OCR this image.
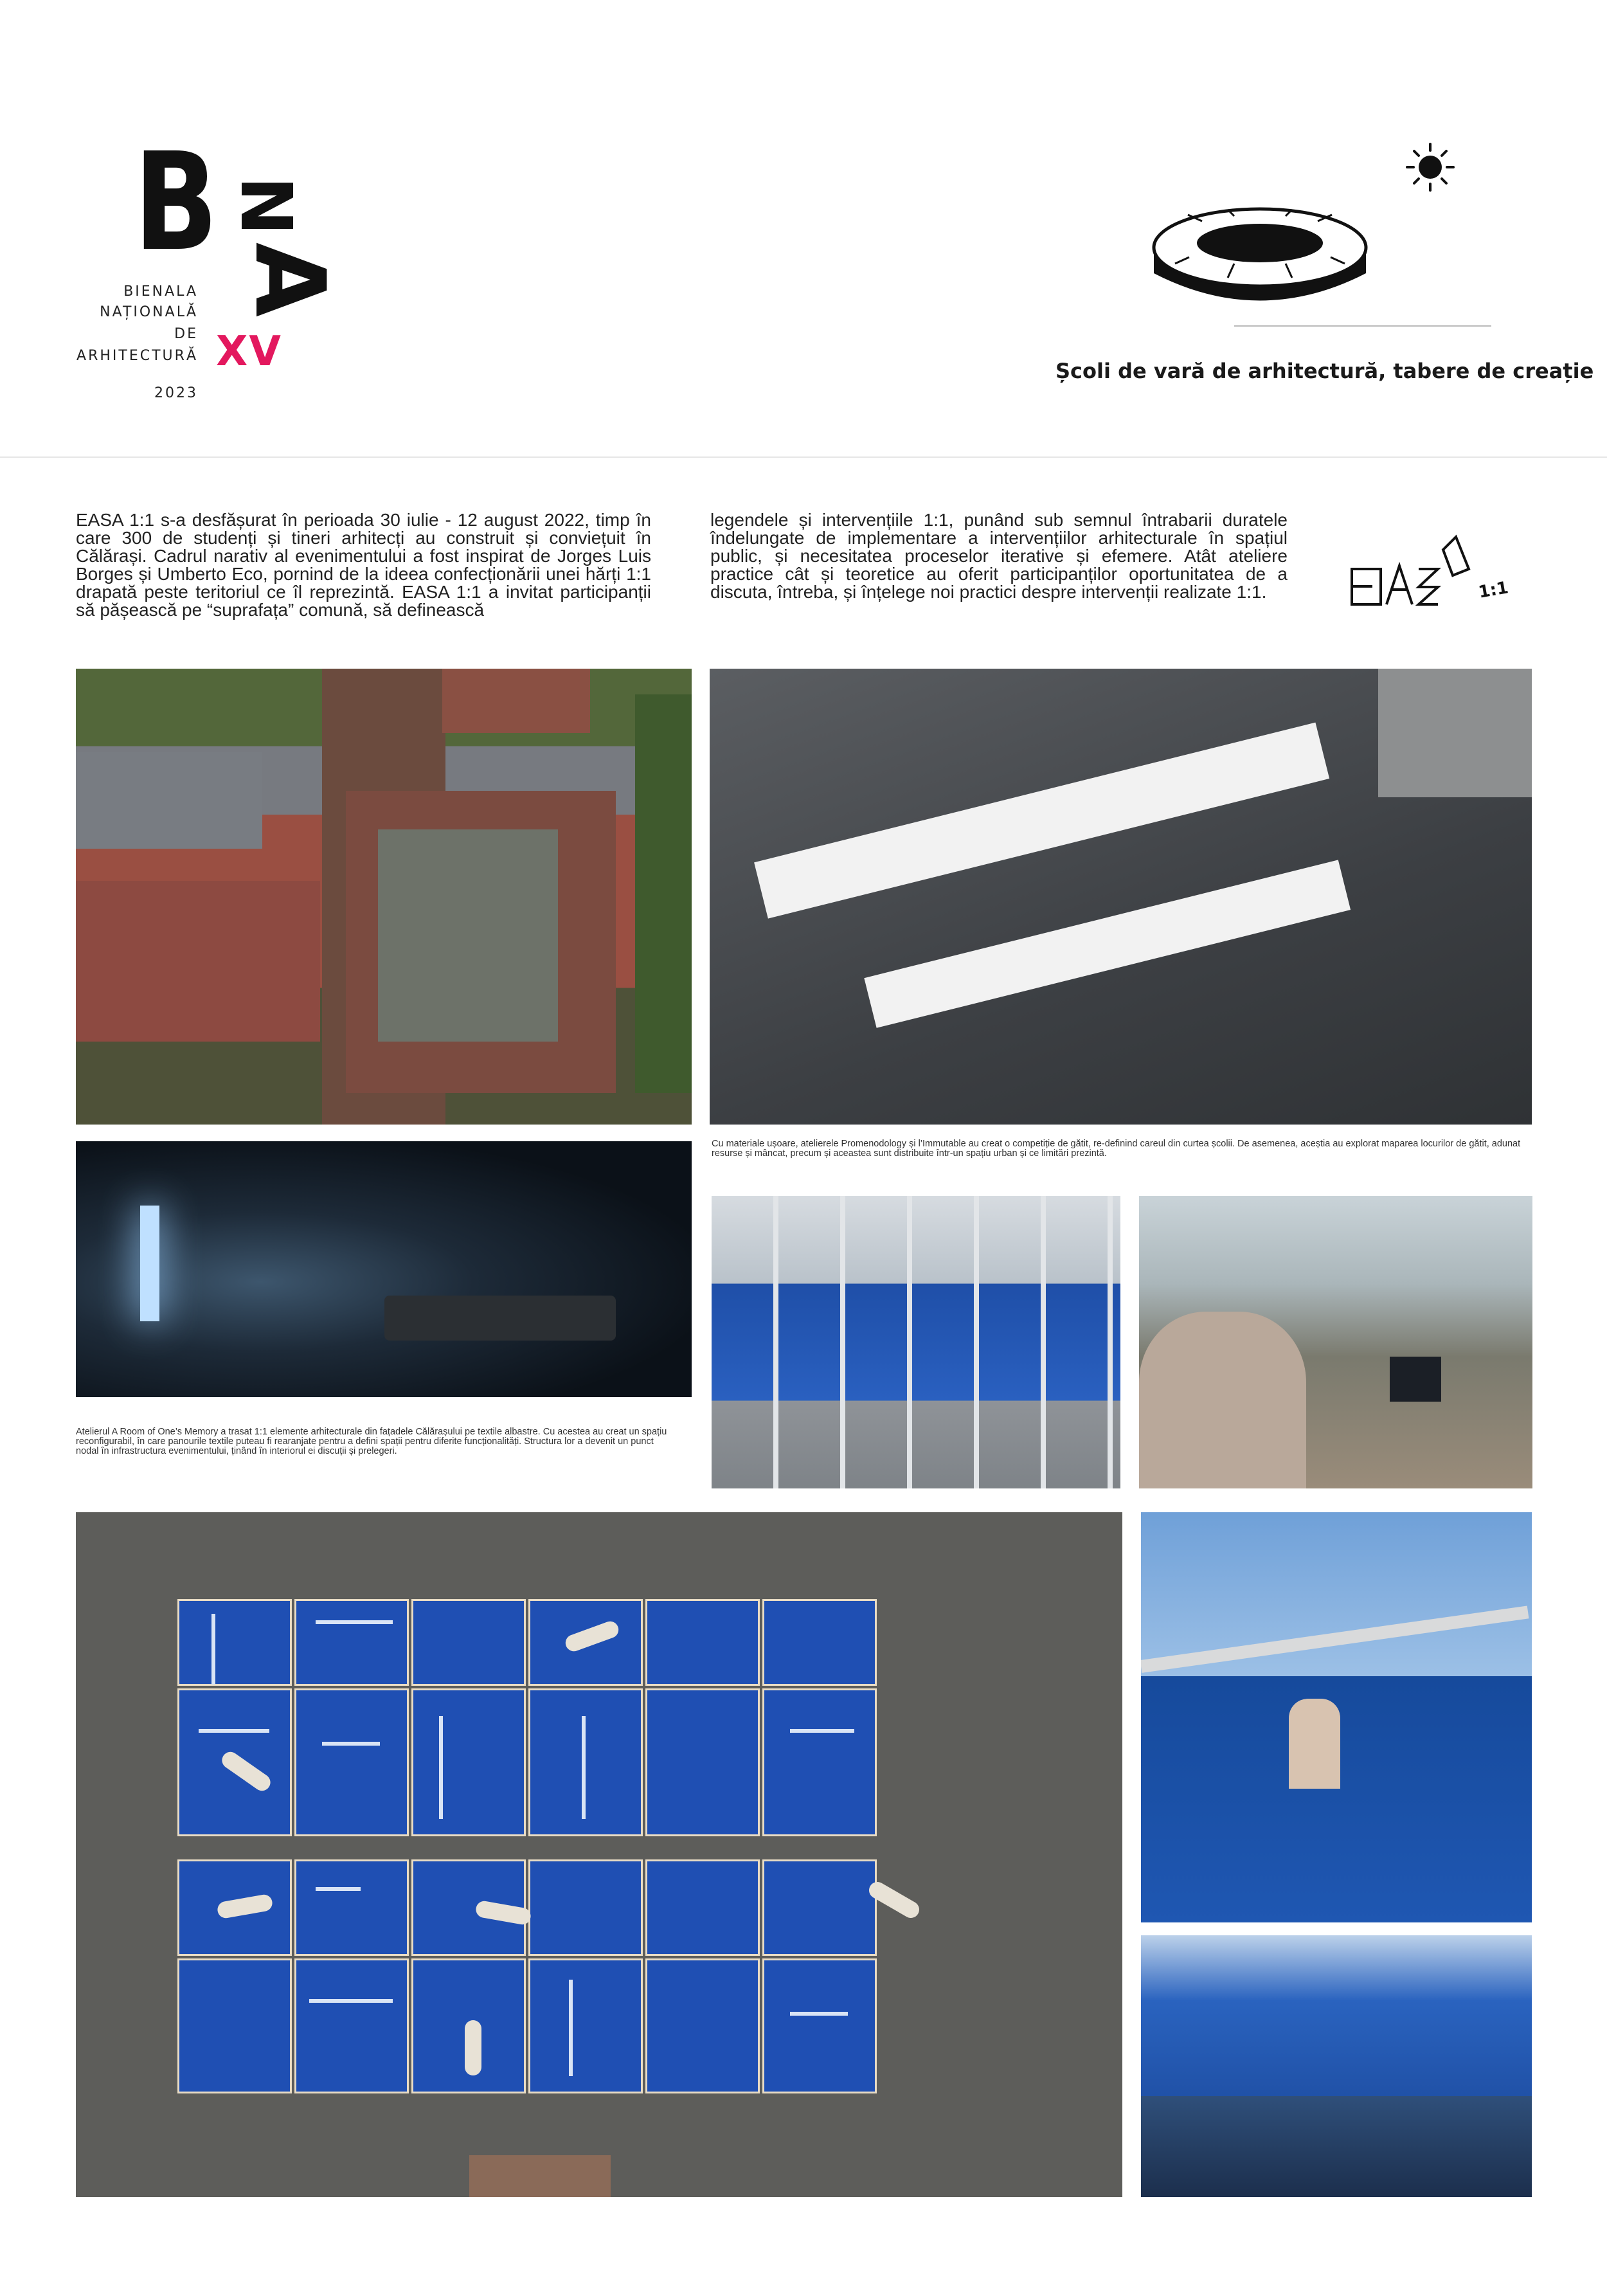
B N
A
BIENALA
NAȚIONALĂ
DE
ARHITECTURĂ
2023
XV	Școli de vară de arhitectură, tabere de creație

EASA 1:1 s-a desfășurat în perioada 30 iulie - 12 august 2022, timp în care 300 de studenți și tineri arhitecți au construit și conviețuit în Călărași. Cadrul narativ al evenimentului a fost inspirat de Jorges Luis Borges și Umberto Eco, pornind de la ideea confecționării unei hărți 1:1 drapată peste teritoriul ce îl reprezintă. EASA 1:1 a invitat participanții să pășească pe “suprafața” comună, să definească

legendele și intervențiile 1:1, punând sub semnul întrabarii duratele îndelungate de implementare a intervențiilor arhitecturale în spațiul public, și necesitatea proceselor iterative și efemere. Atât ateliere practice cât și teoretice au oferit participanților oportunitatea de a discuta, întreba, și înțelege noi practici despre intervenții realizate 1:1.	1:1

Cu materiale ușoare, atelierele Promenodology și l’Immutable au creat o competiție de gătit, re-definind careul din curtea școlii. De asemenea, aceștia au explorat maparea locurilor de gătit, adunat resurse și mâncat, precum și aceastea sunt distribuite într-un spațiu urban și ce limitări prezintă.

Atelierul A Room of One’s Memory a trasat 1:1 elemente arhitecturale din fațadele Călărașului pe textile albastre. Cu acestea au creat un spațiu reconfigurabil, în care panourile textile puteau fi rearanjate pentru a defini spații pentru diferite funcționalități. Structura lor a devenit un punct nodal în infrastructura evenimentului, ținând în interiorul ei discuții și prelegeri.
